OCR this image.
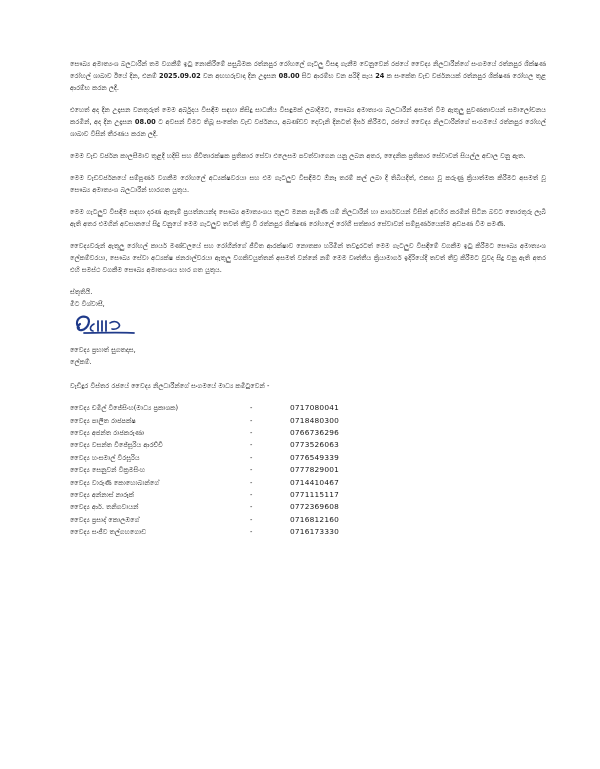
සෞඛ්‍ය අමාත්‍යංශ බලධාරීන් තම වගකීම් ඉටු නොකිරීමේ පසුබිමක රත්නපුර රෝහලේ ගැටලු විසඳා ගැනීම වෙනුවෙන් රජයේ වෛද්‍ය නිලධාරීන්ගේ සංගමයේ රත්නපුර ශික්ෂණ රෝහල් ශාඛාව ඊයේ දින, එනම් 2025.09.02 වන අඟහරුවාදා දින උදෑසන 08.00 සිට ආරම්භ වන පරිදි පැය 24 ක සංකේත වැඩ වර්ජනයක් රත්නපුර ශික්ෂණ රෝහල තුළ ආරම්භ කරන ලදී.

එහෙත් අද දින උදෑසන වනතුරුත් මෙම අර්බුදය විසඳීම සඳහා කිසිදු සාධනීය විසඳුමක් ලබාදීමට, සෞඛ්‍ය අමාත්‍යංශ බලධාරීන් අසමත් වීම ඇතුලු පුවණතාවයන් සමාලෝචනය කරමින්, අද දින උදෑසන 08.00 ට අවසන් වීමට තිබූ සංකේත වැඩ වර්ජනය, අඛණ්ඩව දෙවැනි දිනටත් දීර්ඝ කිරීමට, රජයේ වෛද්‍ය නිලධාරීන්ගේ සංගමයේ රත්නපුර රෝහල් ශාඛාව විසින් තීරණය කරන ලදී.

මෙම වැඩ වර්ජන කාලසීමාව තුළදී හදිසි සහ ජීවිතාරක්ෂක ප්‍රතිකාර සේවා එලෙසම පවත්වාගෙන යනු ලබන අතර, දෛනික ප්‍රතිකාර සේවාවන් සියල්ල අඩාල වනු ඇත.

මෙම වැඩවර්ජනයේ සම්පූර්ණ වගකීම රෝහලේ අධ්‍යක්ෂවරයා සහ එම ගැටලුව විසඳීමට ඕනෑ තරම් කල් ලබා දී තිබියදීත්, එකඟ වූ කරුණු ක්‍රියාත්මක කිරීමට අසමත් වූ සෞඛ්‍ය අමාත්‍යංශ බලධාරීන් භාරගත යුතුය.

මෙම ගැටලුව විසඳීම සඳහා දරණ ඇතැම් ප්‍රයත්නයන්ද සෞඛ්‍ය අමාත්‍යංශය තුලට මනක පැමිණි යම් නිලධාරීන් හා පාර්ශවයන් විසින් අවහිර කරමින් සිටින බවට තොරතුරු ලැබී ඇති අතර එමගින් අවසානයේ සිදු වනුයේ මෙම ගැටලුව තවත් තීව්‍ර වී රත්නපුර ශික්ෂණ රෝහලේ රෝගී සත්කාර සේවාවන් සම්පූර්ණයෙන්ම අඩපණ වීම පමණි.

වෛද්‍යවරුන් ඇතුලු රෝහල් කාර්ය මණ්ඩලයේ සහ රෝගීන්ගේ ජීවිත ආරක්ෂාව නොතකා හරිමින් තවදුරටත් මෙම ගැටලුව විසඳීමේ වගකීම ඉටු කිරීමට සෞඛ්‍ය අමාත්‍යංශ ලේකම්වරයා, සෞඛ්‍ය සේවා අධ්‍යක්ෂ ජනරාල්වරයා ඇතුලු වගකිවයුත්තන් අසමත් වන්නේ නම් මෙම වෘත්තීය ක්‍රියාමාර්ග ඉදිරියේදී තවත් තීව්‍ර කිරීමට වුවද සිදු වනු ඇති අතර එහි සමස්ථ වගකීම සෞඛ්‍ය අමාත්‍යංශය භාර ගත යුතුය.

ස්තුතියි.
මීට විශ්වාසී,
වෛද්‍ය ප්‍රභාත් සුගතදාස,
ලේකම්.
වැඩිදුර විස්තර රජයේ වෛද්‍ය නිලධාරීන්ගේ සංගමයේ මාධ්‍ය කමිටුවෙන් -
වෛද්‍ය චමිල් විජේසිංහ(මාධ්‍ය ප්‍රකාශක)	-	0717080041
වෛද්‍ය පාලිත රාජපක්ෂ	-	0718480300
වෛද්‍ය අජන්ත රාජකරුණා	-	0766736296
වෛද්‍ය වසන්ත විජේසූරිය ආරච්චි	-	0773526063
වෛද්‍ය හංසමාල් වීරසූරිය	-	0776549339
වෛද්‍ය සෙනුවන් වික්‍රමසිංහ	-	0777829001
වෛද්‍ය වාරුණි කොහොබාන්ගේ	-	0714410467
වෛද්‍ය අන්නාස් නාරූක්	-	0771115117
වෛද්‍ය ආර්. තනිගවායන්	-	0772369608
වෛද්‍ය ප්‍රසාද් කොලඹගේ	-	0716812160
වෛද්‍ය සංජීව තල්ගහගොඩ	-	0716173330
